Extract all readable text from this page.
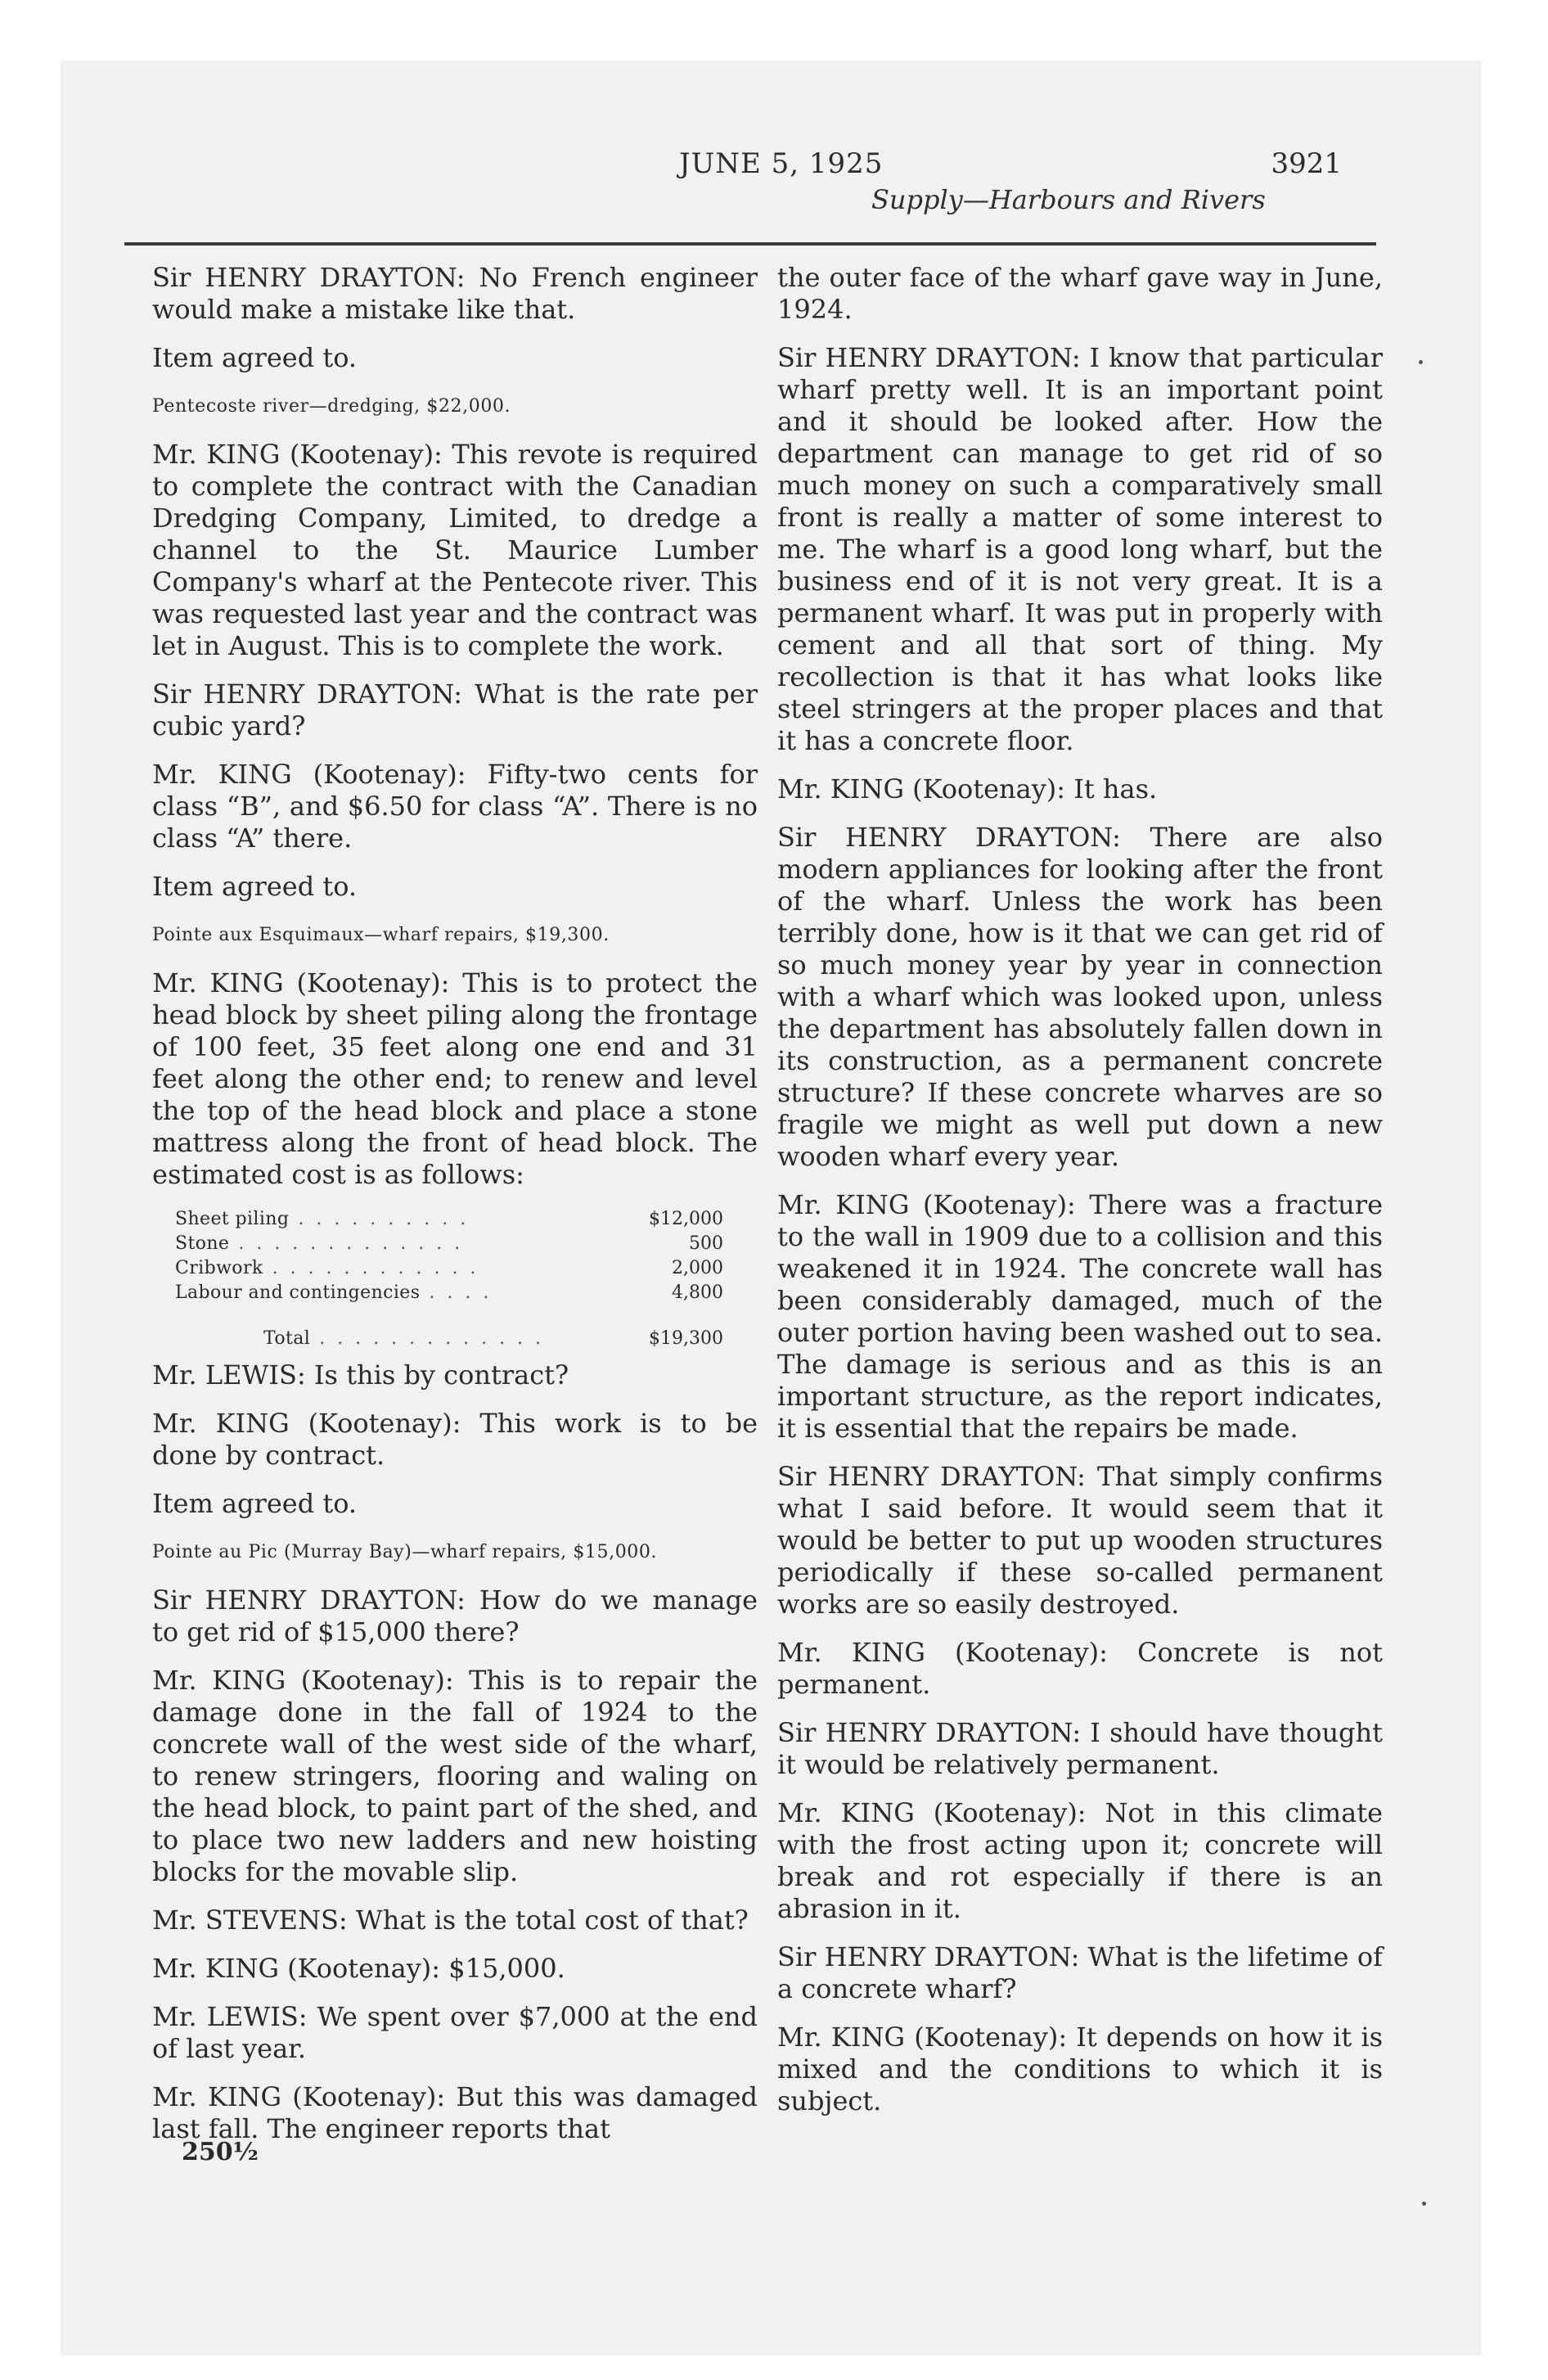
JUNE 5, 1925	3921
Supply—Harbours and Rivers

Sir HENRY DRAYTON: No French engineer would make a mistake like that.

Item agreed to.

Pentecoste river—dredging, $22,000.

Mr. KING (Kootenay): This revote is required to complete the contract with the Canadian Dredging Company, Limited, to dredge a channel to the St. Maurice Lumber Company's wharf at the Pentecote river. This was requested last year and the contract was let in August. This is to complete the work.

Sir HENRY DRAYTON: What is the rate per cubic yard?

Mr. KING (Kootenay): Fifty-two cents for class “B”, and $6.50 for class “A”. There is no class “A” there.

Item agreed to.

Pointe aux Esquimaux—wharf repairs, $19,300.

Mr. KING (Kootenay): This is to protect the head block by sheet piling along the frontage of 100 feet, 35 feet along one end and 31 feet along the other end; to renew and level the top of the head block and place a stone mattress along the front of head block. The estimated cost is as follows:

Sheet piling . . . . . . . . . .	$12,000
Stone . . . . . . . . . . . . .	500
Cribwork . . . . . . . . . . . .	2,000
Labour and contingencies . . . .	4,800
Total . . . . . . . . . . . . .	$19,300

Mr. LEWIS: Is this by contract?

Mr. KING (Kootenay): This work is to be done by contract.

Item agreed to.

Pointe au Pic (Murray Bay)—wharf repairs, $15,000.

Sir HENRY DRAYTON: How do we manage to get rid of $15,000 there?

Mr. KING (Kootenay): This is to repair the damage done in the fall of 1924 to the concrete wall of the west side of the wharf, to renew stringers, flooring and waling on the head block, to paint part of the shed, and to place two new ladders and new hoisting blocks for the movable slip.

Mr. STEVENS: What is the total cost of that?

Mr. KING (Kootenay): $15,000.

Mr. LEWIS: We spent over $7,000 at the end of last year.

Mr. KING (Kootenay): But this was damaged last fall. The engineer reports that

the outer face of the wharf gave way in June, 1924.

Sir HENRY DRAYTON: I know that particular wharf pretty well. It is an important point and it should be looked after. How the department can manage to get rid of so much money on such a comparatively small front is really a matter of some interest to me. The wharf is a good long wharf, but the business end of it is not very great. It is a permanent wharf. It was put in properly with cement and all that sort of thing. My recollection is that it has what looks like steel stringers at the proper places and that it has a concrete floor.

Mr. KING (Kootenay): It has.

Sir HENRY DRAYTON: There are also modern appliances for looking after the front of the wharf. Unless the work has been terribly done, how is it that we can get rid of so much money year by year in connection with a wharf which was looked upon, unless the department has absolutely fallen down in its construction, as a permanent concrete structure? If these concrete wharves are so fragile we might as well put down a new wooden wharf every year.

Mr. KING (Kootenay): There was a fracture to the wall in 1909 due to a collision and this weakened it in 1924. The concrete wall has been considerably damaged, much of the outer portion having been washed out to sea. The damage is serious and as this is an important structure, as the report indicates, it is essential that the repairs be made.

Sir HENRY DRAYTON: That simply confirms what I said before. It would seem that it would be better to put up wooden structures periodically if these so-called permanent works are so easily destroyed.

Mr. KING (Kootenay): Concrete is not permanent.

Sir HENRY DRAYTON: I should have thought it would be relatively permanent.

Mr. KING (Kootenay): Not in this climate with the frost acting upon it; concrete will break and rot especially if there is an abrasion in it.

Sir HENRY DRAYTON: What is the lifetime of a concrete wharf?

Mr. KING (Kootenay): It depends on how it is mixed and the conditions to which it is subject.

250½
